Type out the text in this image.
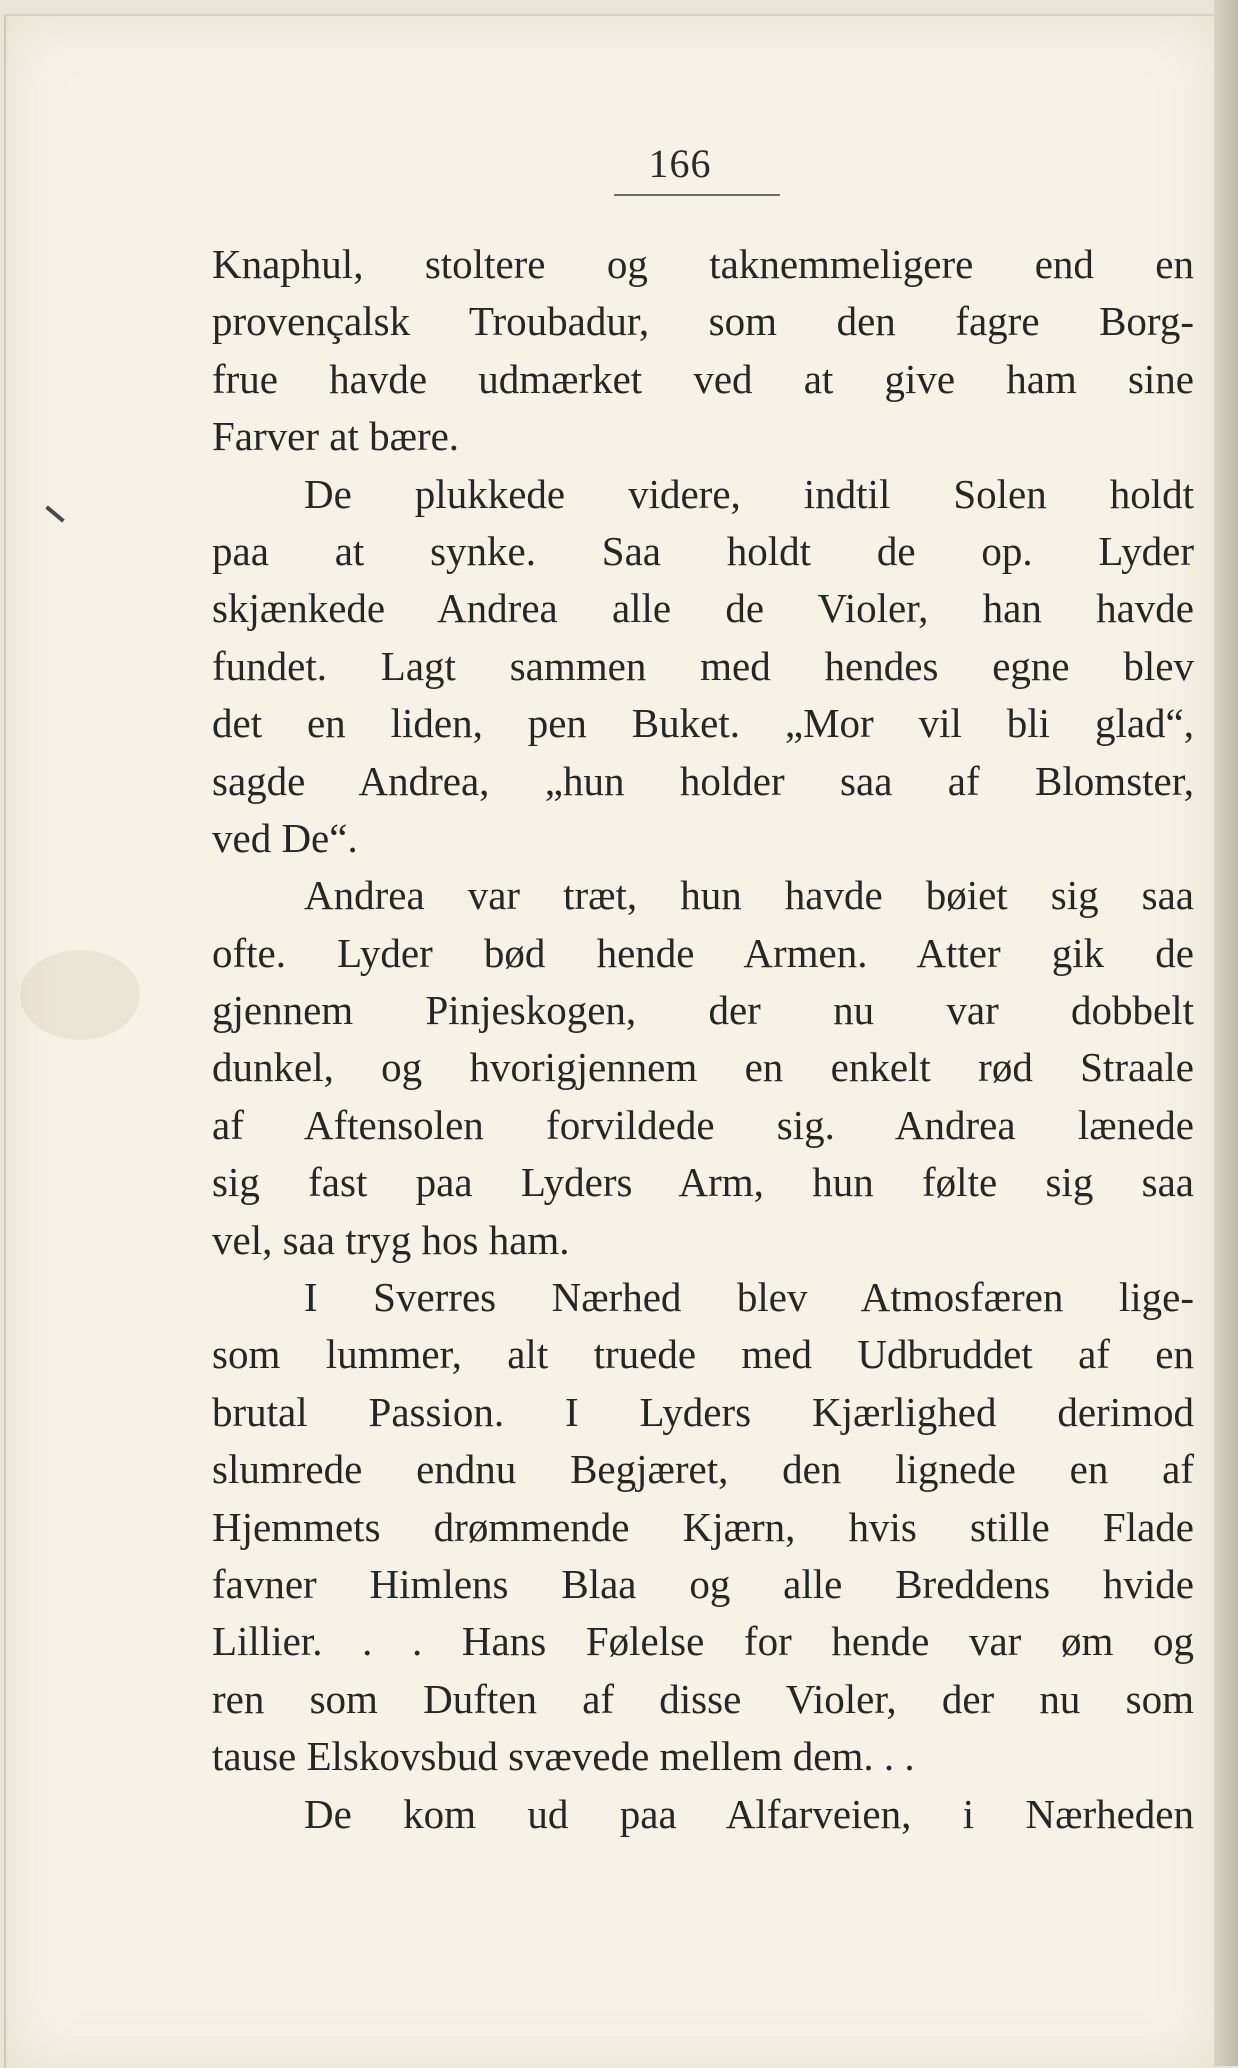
166
Knaphul, stoltere og taknemmeligere end en
provençalsk Troubadur, som den fagre Borg-
frue havde udmærket ved at give ham sine
Farver at bære.
De plukkede videre, indtil Solen holdt
paa at synke. Saa holdt de op. Lyder
skjænkede Andrea alle de Violer, han havde
fundet. Lagt sammen med hendes egne blev
det en liden, pen Buket. „Mor vil bli glad“,
sagde Andrea, „hun holder saa af Blomster,
ved De“.
Andrea var træt, hun havde bøiet sig saa
ofte. Lyder bød hende Armen. Atter gik de
gjennem Pinjeskogen, der nu var dobbelt
dunkel, og hvorigjennem en enkelt rød Straale
af Aftensolen forvildede sig. Andrea lænede
sig fast paa Lyders Arm, hun følte sig saa
vel, saa tryg hos ham.
I Sverres Nærhed blev Atmosfæren lige-
som lummer, alt truede med Udbruddet af en
brutal Passion. I Lyders Kjærlighed derimod
slumrede endnu Begjæret, den lignede en af
Hjemmets drømmende Kjærn, hvis stille Flade
favner Himlens Blaa og alle Breddens hvide
Lillier. . . Hans Følelse for hende var øm og
ren som Duften af disse Violer, der nu som
tause Elskovsbud svævede mellem dem. . .
De kom ud paa Alfarveien, i Nærheden
